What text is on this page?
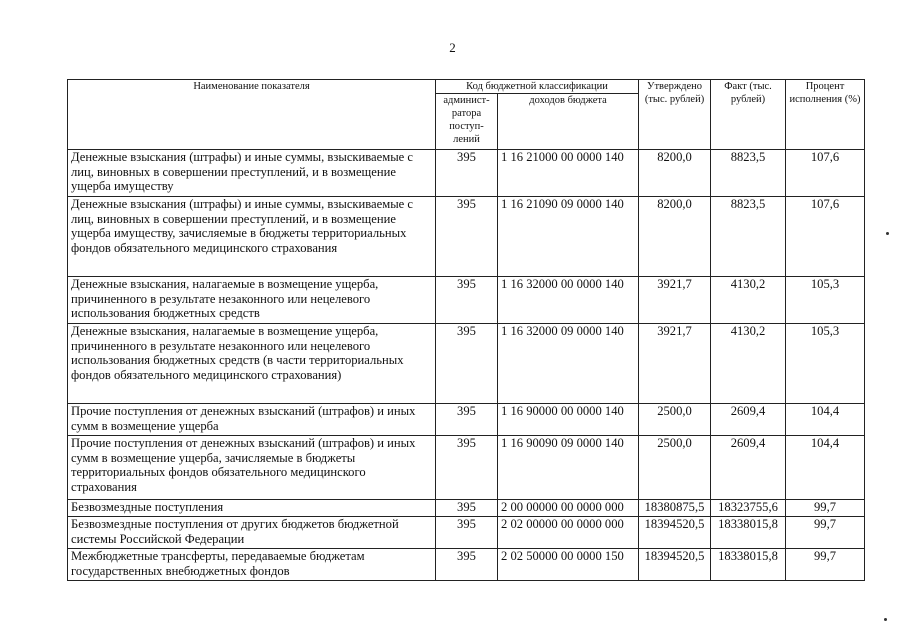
2
Наименование показателя	Код бюджетной классификации		Утверждено (тыс. рублей)	Факт (тыс. рублей)	Процент исполнения (%)
	админист-ратора поступ-лений	доходов бюджета			
Денежные взыскания (штрафы) и иные суммы, взыскиваемые с лиц, виновных в совершении преступлений, и в возмещение ущерба имуществу	395	1 16 21000 00 0000 140	8200,0	8823,5	107,6
Денежные взыскания (штрафы) и иные суммы, взыскиваемые с лиц, виновных в совершении преступлений, и в возмещение ущерба имуществу, зачисляемые в бюджеты территориальных фондов обязательного медицинского страхования	395	1 16 21090 09 0000 140	8200,0	8823,5	107,6
Денежные взыскания, налагаемые в возмещение ущерба, причиненного в результате незаконного или нецелевого использования бюджетных средств	395	1 16 32000 00 0000 140	3921,7	4130,2	105,3
Денежные взыскания, налагаемые в возмещение ущерба, причиненного в результате незаконного или нецелевого использования бюджетных средств (в части территориальных фондов обязательного медицинского страхования)	395	1 16 32000 09 0000 140	3921,7	4130,2	105,3
Прочие поступления от денежных взысканий (штрафов) и иных сумм в возмещение ущерба	395	1 16 90000 00 0000 140	2500,0	2609,4	104,4
Прочие поступления от денежных взысканий (штрафов) и иных сумм в возмещение ущерба, зачисляемые в бюджеты территориальных фондов обязательного медицинского страхования	395	1 16 90090 09 0000 140	2500,0	2609,4	104,4
Безвозмездные поступления	395	2 00 00000 00 0000 000	18380875,5	18323755,6	99,7
Безвозмездные поступления от других бюджетов бюджетной системы Российской Федерации	395	2 02 00000 00 0000 000	18394520,5	18338015,8	99,7
Межбюджетные трансферты, передаваемые бюджетам государственных внебюджетных фондов	395	2 02 50000 00 0000 150	18394520,5	18338015,8	99,7
